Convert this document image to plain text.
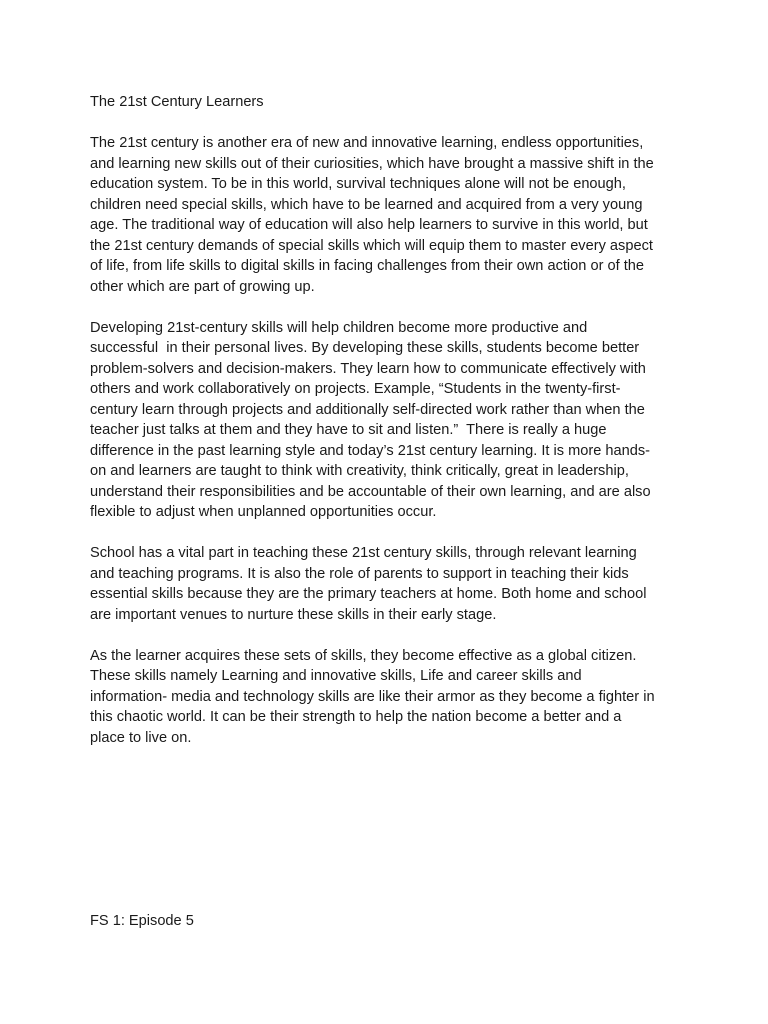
The 21st Century Learners

The 21st century is another era of new and innovative learning, endless opportunities,
and learning new skills out of their curiosities, which have brought a massive shift in the
education system. To be in this world, survival techniques alone will not be enough,
children need special skills, which have to be learned and acquired from a very young
age. The traditional way of education will also help learners to survive in this world, but
the 21st century demands of special skills which will equip them to master every aspect
of life, from life skills to digital skills in facing challenges from their own action or of the
other which are part of growing up.

Developing 21st-century skills will help children become more productive and
successful  in their personal lives. By developing these skills, students become better
problem-solvers and decision-makers. They learn how to communicate effectively with
others and work collaboratively on projects. Example, “Students in the twenty-first-
century learn through projects and additionally self-directed work rather than when the
teacher just talks at them and they have to sit and listen.”  There is really a huge
difference in the past learning style and today’s 21st century learning. It is more hands-
on and learners are taught to think with creativity, think critically, great in leadership,
understand their responsibilities and be accountable of their own learning, and are also
flexible to adjust when unplanned opportunities occur.

School has a vital part in teaching these 21st century skills, through relevant learning
and teaching programs. It is also the role of parents to support in teaching their kids
essential skills because they are the primary teachers at home. Both home and school
are important venues to nurture these skills in their early stage.

As the learner acquires these sets of skills, they become effective as a global citizen.
These skills namely Learning and innovative skills, Life and career skills and
information- media and technology skills are like their armor as they become a fighter in
this chaotic world. It can be their strength to help the nation become a better and a
place to live on.

FS 1: Episode 5
